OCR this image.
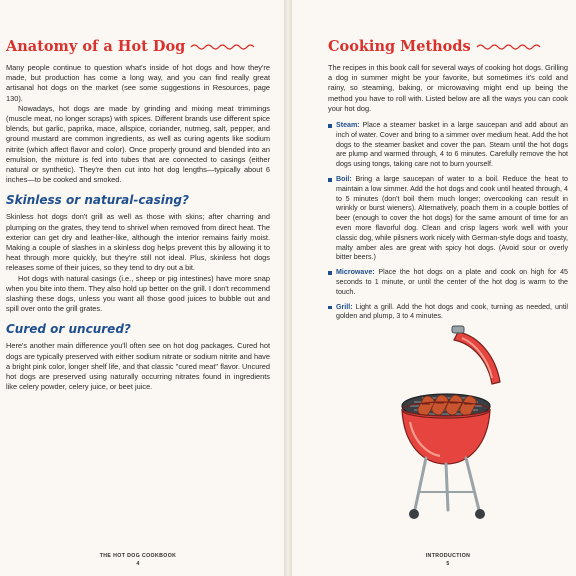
Anatomy of a Hot Dog

Many people continue to question what's inside of hot dogs and how they're made, but production has come a long way, and you can find really great artisanal hot dogs on the market (see some suggestions in Resources, page 130).

Nowadays, hot dogs are made by grinding and mixing meat trimmings (muscle meat, no longer scraps) with spices. Different brands use different spice blends, but garlic, paprika, mace, allspice, coriander, nutmeg, salt, pepper, and ground mustard are common ingredients, as well as curing agents like sodium nitrite (which affect flavor and color). Once properly ground and blended into an emulsion, the mixture is fed into tubes that are connected to casings (either natural or synthetic). They're then cut into hot dog lengths—typically about 6 inches—to be cooked and smoked.

Skinless or natural-casing?

Skinless hot dogs don't grill as well as those with skins; after charring and plumping on the grates, they tend to shrivel when removed from direct heat. The exterior can get dry and leather-like, although the interior remains fairly moist. Making a couple of slashes in a skinless dog helps prevent this by allowing it to heat through more quickly, but they're still not ideal. Plus, skinless hot dogs releases some of their juices, so they tend to dry out a bit.

Hot dogs with natural casings (i.e., sheep or pig intestines) have more snap when you bite into them. They also hold up better on the grill. I don't recommend slashing these dogs, unless you want all those good juices to bubble out and spill over onto the grill grates.

Cured or uncured?

Here's another main difference you'll often see on hot dog packages. Cured hot dogs are typically preserved with either sodium nitrate or sodium nitrite and have a bright pink color, longer shelf life, and that classic "cured meat" flavor. Uncured hot dogs are preserved using naturally occurring nitrates found in ingredients like celery powder, celery juice, or beet juice.

THE HOT DOG COOKBOOK
4
Cooking Methods

The recipes in this book call for several ways of cooking hot dogs. Grilling a dog in summer might be your favorite, but sometimes it's cold and rainy, so steaming, baking, or microwaving might end up being the method you have to roll with. Listed below are all the ways you can cook your hot dog.

Steam: Place a steamer basket in a large saucepan and add about an inch of water. Cover and bring to a simmer over medium heat. Add the hot dogs to the steamer basket and cover the pan. Steam until the hot dogs are plump and warmed through, 4 to 6 minutes. Carefully remove the hot dogs using tongs, taking care not to burn yourself.
Boil: Bring a large saucepan of water to a boil. Reduce the heat to maintain a low simmer. Add the hot dogs and cook until heated through, 4 to 5 minutes (don't boil them much longer; overcooking can result in wrinkly or burst wieners). Alternatively, poach them in a couple bottles of beer (enough to cover the hot dogs) for the same amount of time for an even more flavorful dog. Clean and crisp lagers work well with your classic dog, while pilsners work nicely with German-style dogs and toasty, malty amber ales are great with spicy hot dogs. (Avoid sour or overly bitter beers.)
Microwave: Place the hot dogs on a plate and cook on high for 45 seconds to 1 minute, or until the center of the hot dog is warm to the touch.
Grill: Light a grill. Add the hot dogs and cook, turning as needed, until golden and plump, 3 to 4 minutes.
INTRODUCTION
5
